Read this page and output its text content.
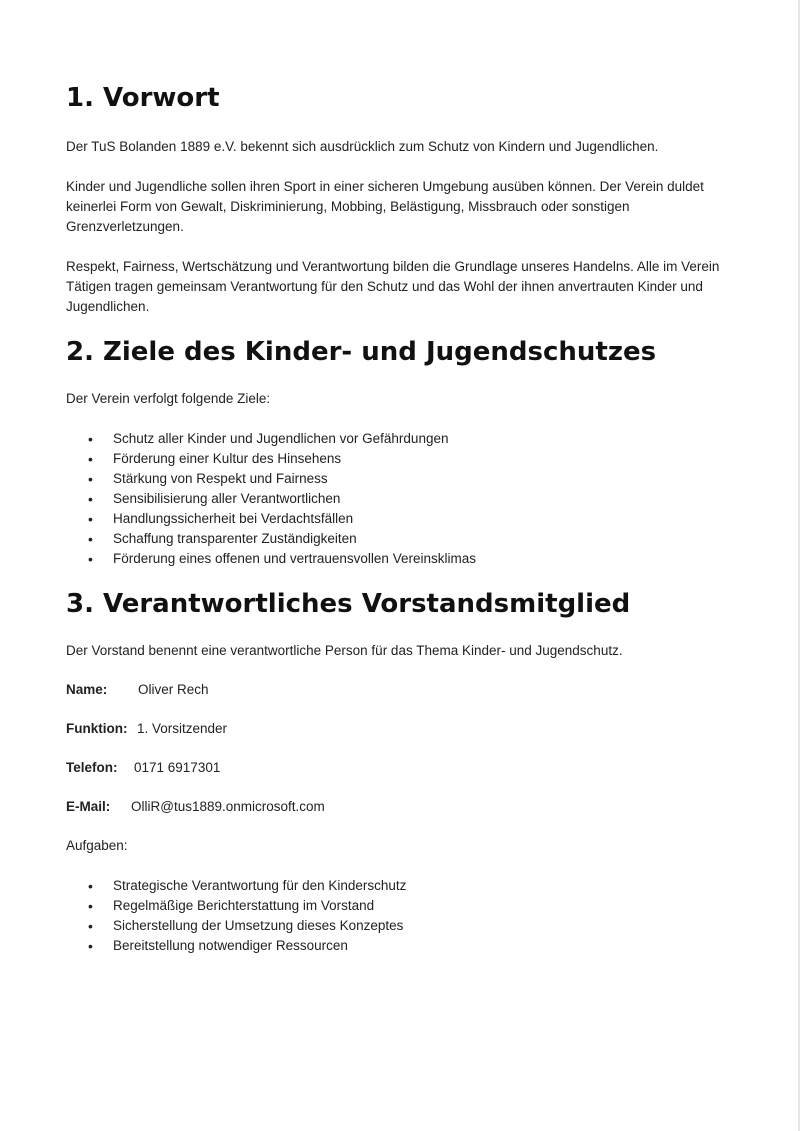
1. Vorwort

Der TuS Bolanden 1889 e.V. bekennt sich ausdrücklich zum Schutz von Kindern und Jugendlichen.

Kinder und Jugendliche sollen ihren Sport in einer sicheren Umgebung ausüben können. Der Verein duldet keinerlei Form von Gewalt, Diskriminierung, Mobbing, Belästigung, Missbrauch oder sonstigen Grenzverletzungen.

Respekt, Fairness, Wertschätzung und Verantwortung bilden die Grundlage unseres Handelns. Alle im Verein Tätigen tragen gemeinsam Verantwortung für den Schutz und das Wohl der ihnen anvertrauten Kinder und Jugendlichen.

2. Ziele des Kinder- und Jugendschutzes

Der Verein verfolgt folgende Ziele:

• Schutz aller Kinder und Jugendlichen vor Gefährdungen
• Förderung einer Kultur des Hinsehens
• Stärkung von Respekt und Fairness
• Sensibilisierung aller Verantwortlichen
• Handlungssicherheit bei Verdachtsfällen
• Schaffung transparenter Zuständigkeiten
• Förderung eines offenen und vertrauensvollen Vereinsklimas
3. Verantwortliches Vorstandsmitglied

Der Vorstand benennt eine verantwortliche Person für das Thema Kinder- und Jugendschutz.

Name: Oliver Rech
Funktion: 1. Vorsitzender
Telefon: 0171 6917301
E-Mail: OlliR@tus1889.onmicrosoft.com

Aufgaben:

• Strategische Verantwortung für den Kinderschutz
• Regelmäßige Berichterstattung im Vorstand
• Sicherstellung der Umsetzung dieses Konzeptes
• Bereitstellung notwendiger Ressourcen
